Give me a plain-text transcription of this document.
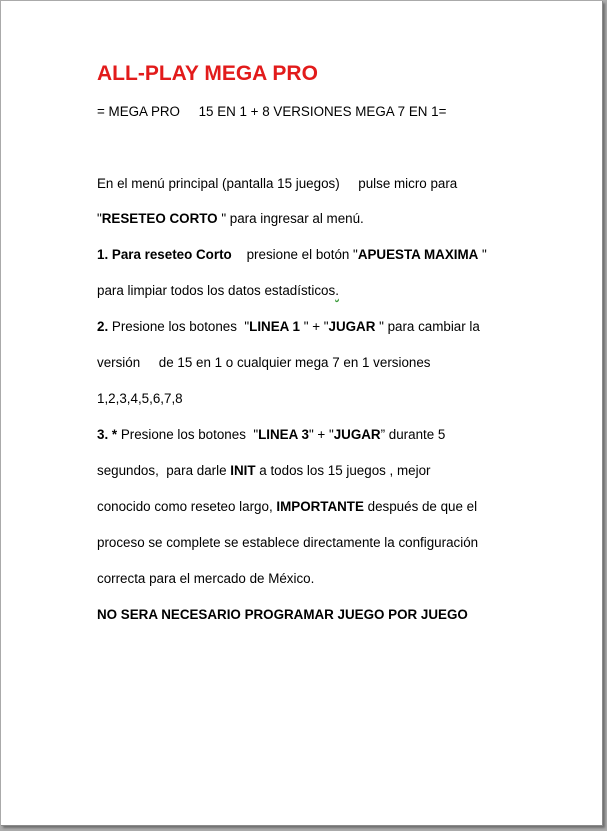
ALL-PLAY MEGA PRO
= MEGA PRO     15 EN 1 + 8 VERSIONES MEGA 7 EN 1=
En el menú principal (pantalla 15 juegos)     pulse micro para
"RESETEO CORTO " para ingresar al menú.
1. Para reseteo Corto    presione el botón "APUESTA MAXIMA "
para limpiar todos los datos estadísticos.
2. Presione los botones  "LINEA 1 " + "JUGAR " para cambiar la
versión     de 15 en 1 o cualquier mega 7 en 1 versiones
1,2,3,4,5,6,7,8
3. * Presione los botones  "LINEA 3" + "JUGAR” durante 5
segundos,  para darle INIT a todos los 15 juegos , mejor
conocido como reseteo largo, IMPORTANTE después de que el
proceso se complete se establece directamente la configuración
correcta para el mercado de México.
NO SERA NECESARIO PROGRAMAR JUEGO POR JUEGO
